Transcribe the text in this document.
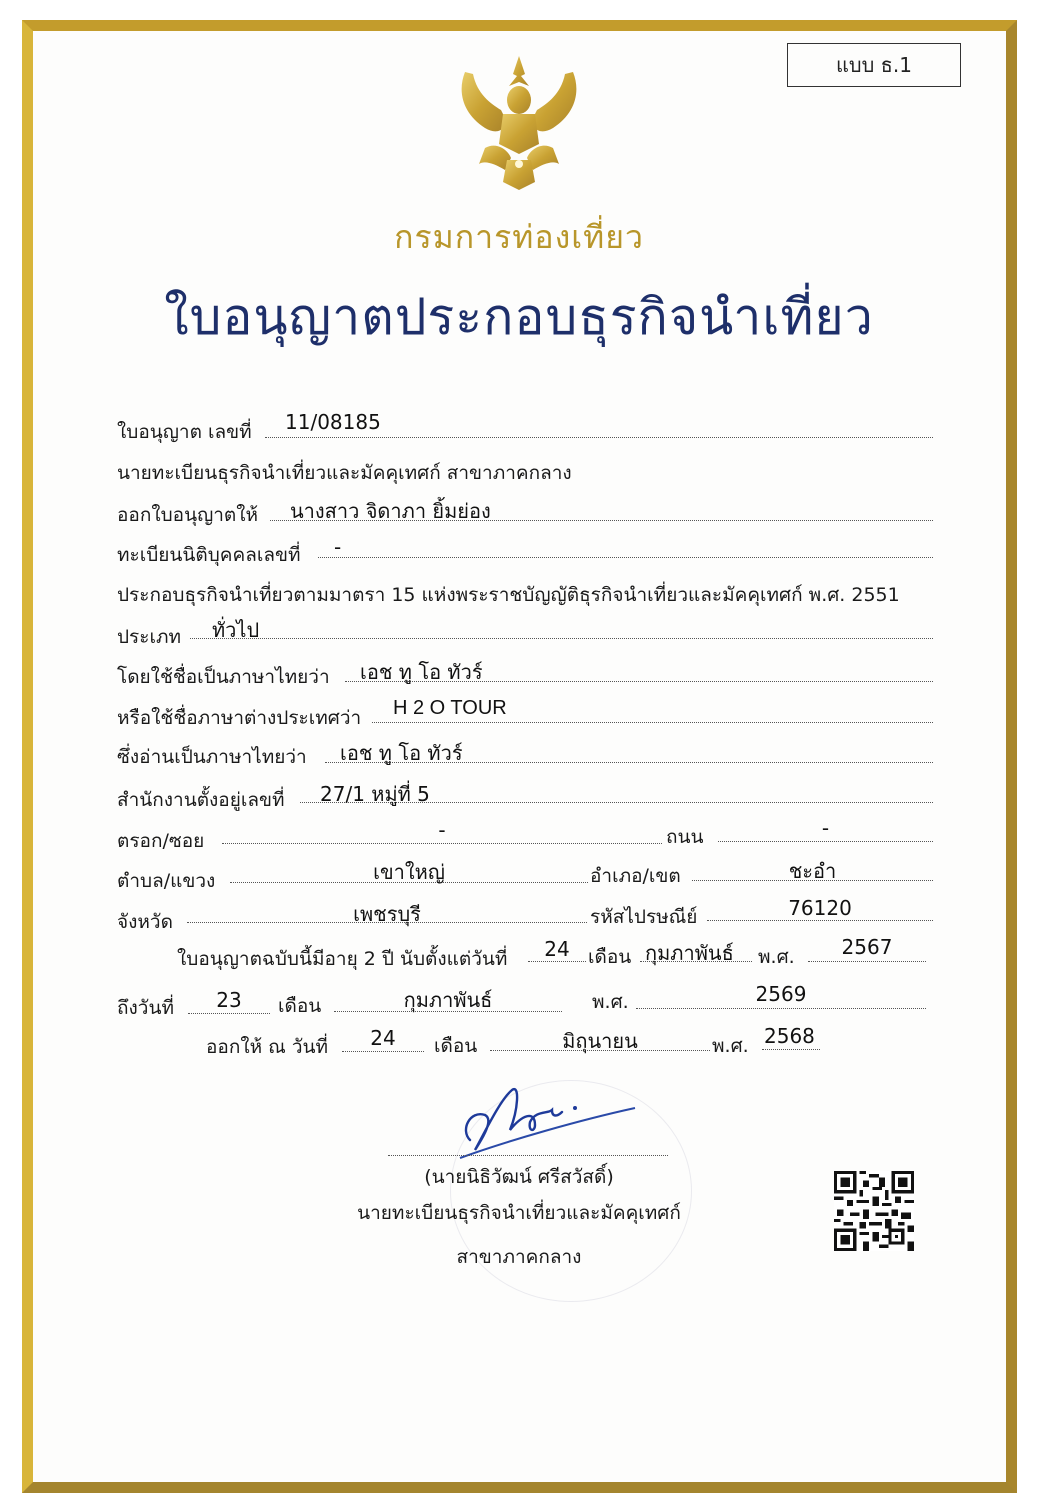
แบบ ธ.1
กรมการท่องเที่ยว
ใบอนุญาตประกอบธุรกิจนำเที่ยว
ใบอนุญาต เลขที่ 11/08185
นายทะเบียนธุรกิจนำเที่ยวและมัคคุเทศก์ สาขาภาคกลาง
ออกใบอนุญาตให้ นางสาว จิดาภา ยิ้มย่อง
ทะเบียนนิติบุคคลเลขที่ -
ประกอบธุรกิจนำเที่ยวตามมาตรา 15 แห่งพระราชบัญญัติธุรกิจนำเที่ยวและมัคคุเทศก์ พ.ศ. 2551
ประเภท ทั่วไป
โดยใช้ชื่อเป็นภาษาไทยว่า เอช ทู โอ ทัวร์
หรือใช้ชื่อภาษาต่างประเทศว่า H 2 O TOUR
ซึ่งอ่านเป็นภาษาไทยว่า เอช ทู โอ ทัวร์
สำนักงานตั้งอยู่เลขที่ 27/1 หมู่ที่ 5
ตรอก/ซอย	-	ถนน	-
ตำบล/แขวง	เขาใหญ่	อำเภอ/เขต	ชะอำ
จังหวัด	เพชรบุรี	รหัสไปรษณีย์	76120
ใบอนุญาตฉบับนี้มีอายุ 2 ปี นับตั้งแต่วันที่	24 เดือน กุมภาพันธ์ พ.ศ.	2567
ถึงวันที่	23	เดือน	กุมภาพันธ์	พ.ศ.	2569
ออกให้ ณ วันที่	24	เดือน	มิถุนายน	พ.ศ. 2568
(นายนิธิวัฒน์ ศรีสวัสดิ์)
นายทะเบียนธุรกิจนำเที่ยวและมัคคุเทศก์
สาขาภาคกลาง
